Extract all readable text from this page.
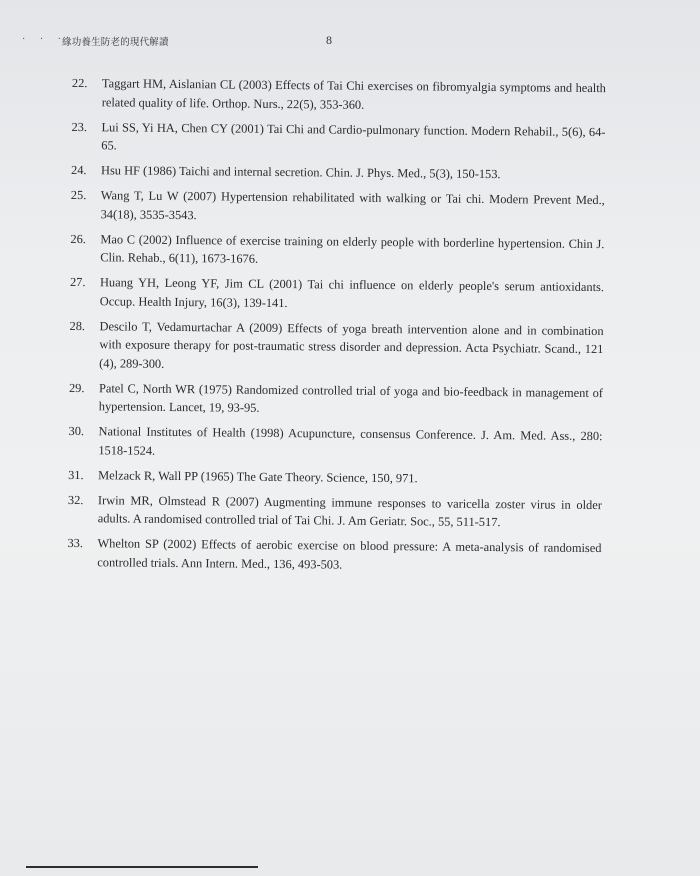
· · ·
緣功養生防老的現代解讀	8
22.	Taggart HM, Aislanian CL (2003) Effects of Tai Chi exercises on fibromyalgia symptoms and health related quality of life. Orthop. Nurs., 22(5), 353-360.
23.	Lui SS, Yi HA, Chen CY (2001) Tai Chi and Cardio-pulmonary function. Modern Rehabil., 5(6), 64-65.
24.	Hsu HF (1986) Taichi and internal secretion. Chin. J. Phys. Med., 5(3), 150-153.
25.	Wang T, Lu W (2007) Hypertension rehabilitated with walking or Tai chi. Modern Prevent Med., 34(18), 3535-3543.
26.	Mao C (2002) Influence of exercise training on elderly people with borderline hypertension. Chin J. Clin. Rehab., 6(11), 1673-1676.
27.	Huang YH, Leong YF, Jim CL (2001) Tai chi influence on elderly people's serum antioxidants. Occup. Health Injury, 16(3), 139-141.
28.	Descilo T, Vedamurtachar A (2009) Effects of yoga breath intervention alone and in combination with exposure therapy for post-traumatic stress disorder and depression. Acta Psychiatr. Scand., 121 (4), 289-300.
29.	Patel C, North WR (1975) Randomized controlled trial of yoga and bio-feedback in management of hypertension. Lancet, 19, 93-95.
30.	National Institutes of Health (1998) Acupuncture, consensus Conference. J. Am. Med. Ass., 280: 1518-1524.
31.	Melzack R, Wall PP (1965) The Gate Theory. Science, 150, 971.
32.	Irwin MR, Olmstead R (2007) Augmenting immune responses to varicella zoster virus in older adults. A randomised controlled trial of Tai Chi. J. Am Geriatr. Soc., 55, 511-517.
33.	Whelton SP (2002) Effects of aerobic exercise on blood pressure: A meta-analysis of randomised controlled trials. Ann Intern. Med., 136, 493-503.
